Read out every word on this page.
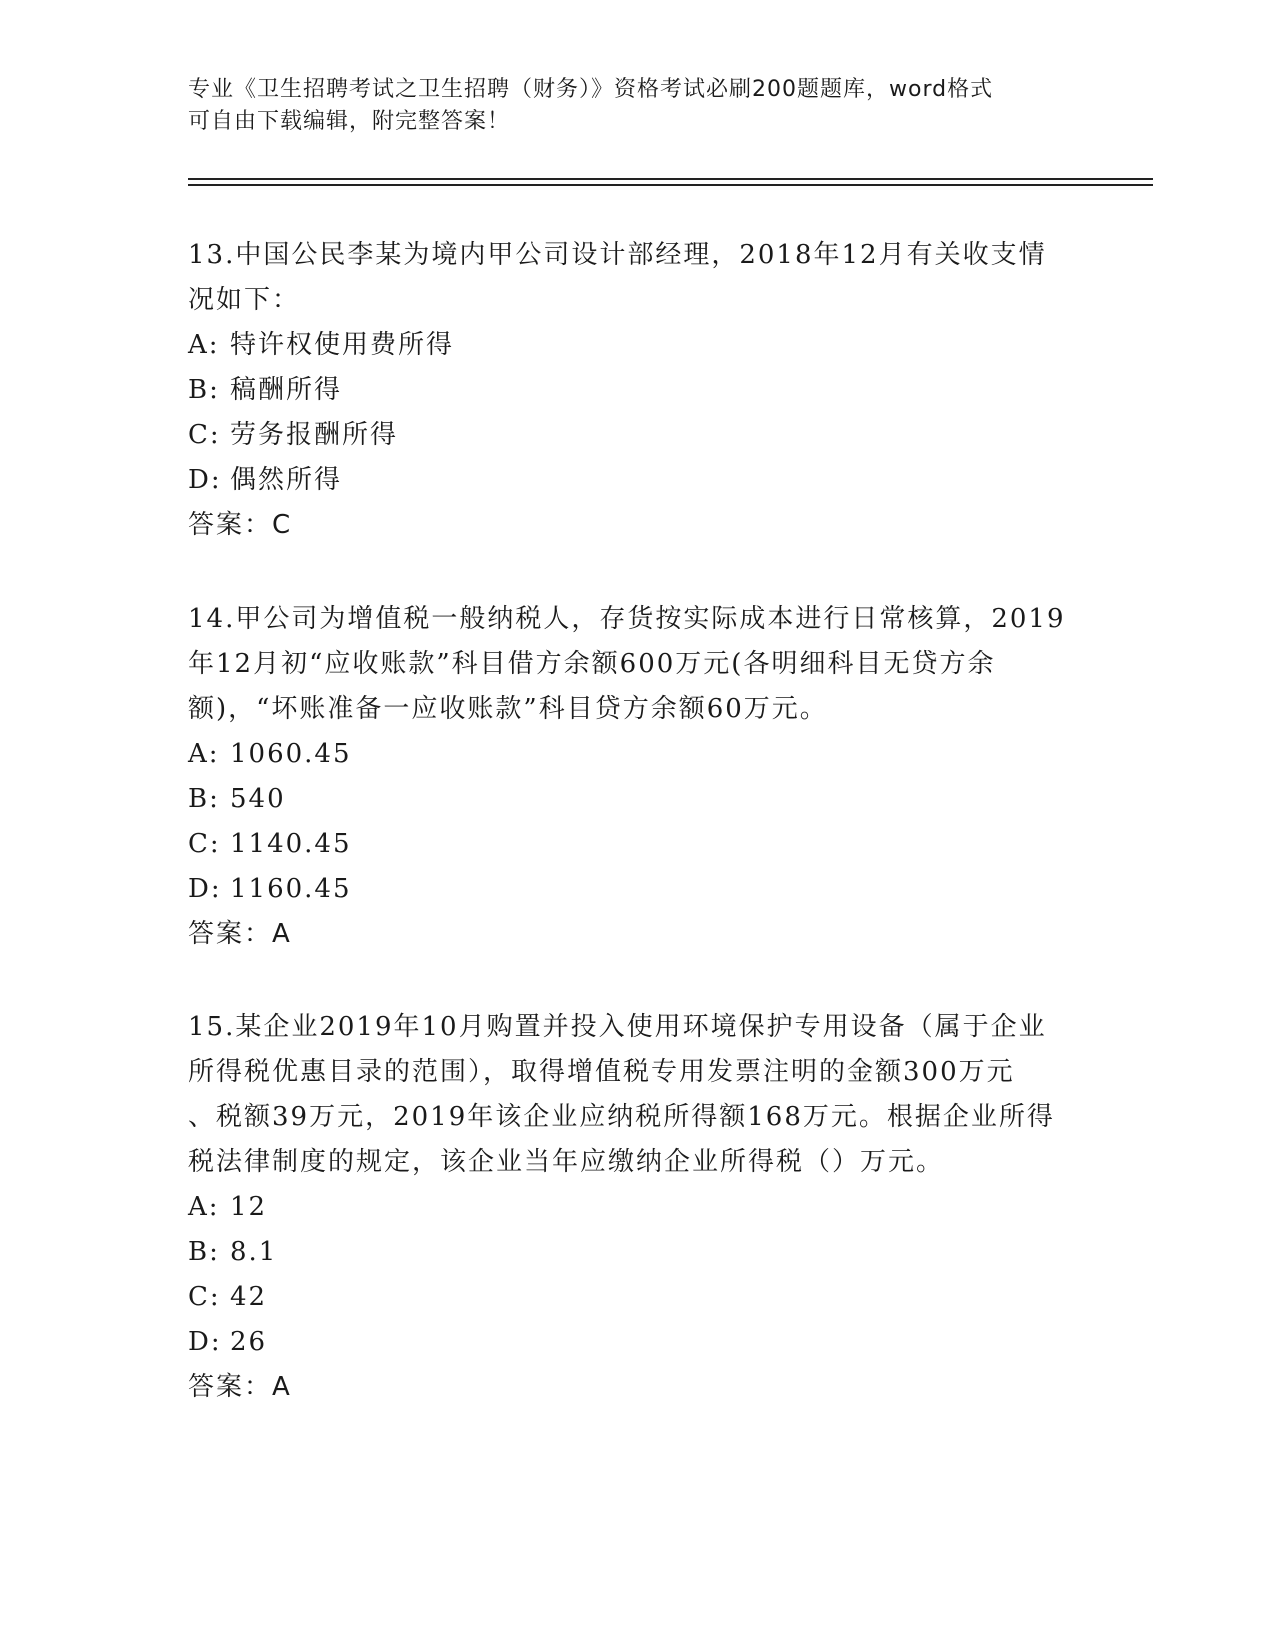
专业《卫生招聘考试之卫生招聘（财务）》资格考试必刷200题题库，word格式
可自由下载编辑，附完整答案！
13.中国公民李某为境内甲公司设计部经理，2018年12月有关收支情
况如下：
A: 特许权使用费所得
B: 稿酬所得
C: 劳务报酬所得
D: 偶然所得
答案：C
14.甲公司为增值税一般纳税人，存货按实际成本进行日常核算，2019
年12月初“应收账款”科目借方余额600万元(各明细科目无贷方余
额)，“坏账准备一应收账款”科目贷方余额60万元。
A: 1060.45
B: 540
C: 1140.45
D: 1160.45
答案：A
15.某企业2019年10月购置并投入使用环境保护专用设备（属于企业
所得税优惠目录的范围），取得增值税专用发票注明的金额300万元
、税额39万元，2019年该企业应纳税所得额168万元。根据企业所得
税法律制度的规定，该企业当年应缴纳企业所得税（）万元。
A: 12
B: 8.1
C: 42
D: 26
答案：A
